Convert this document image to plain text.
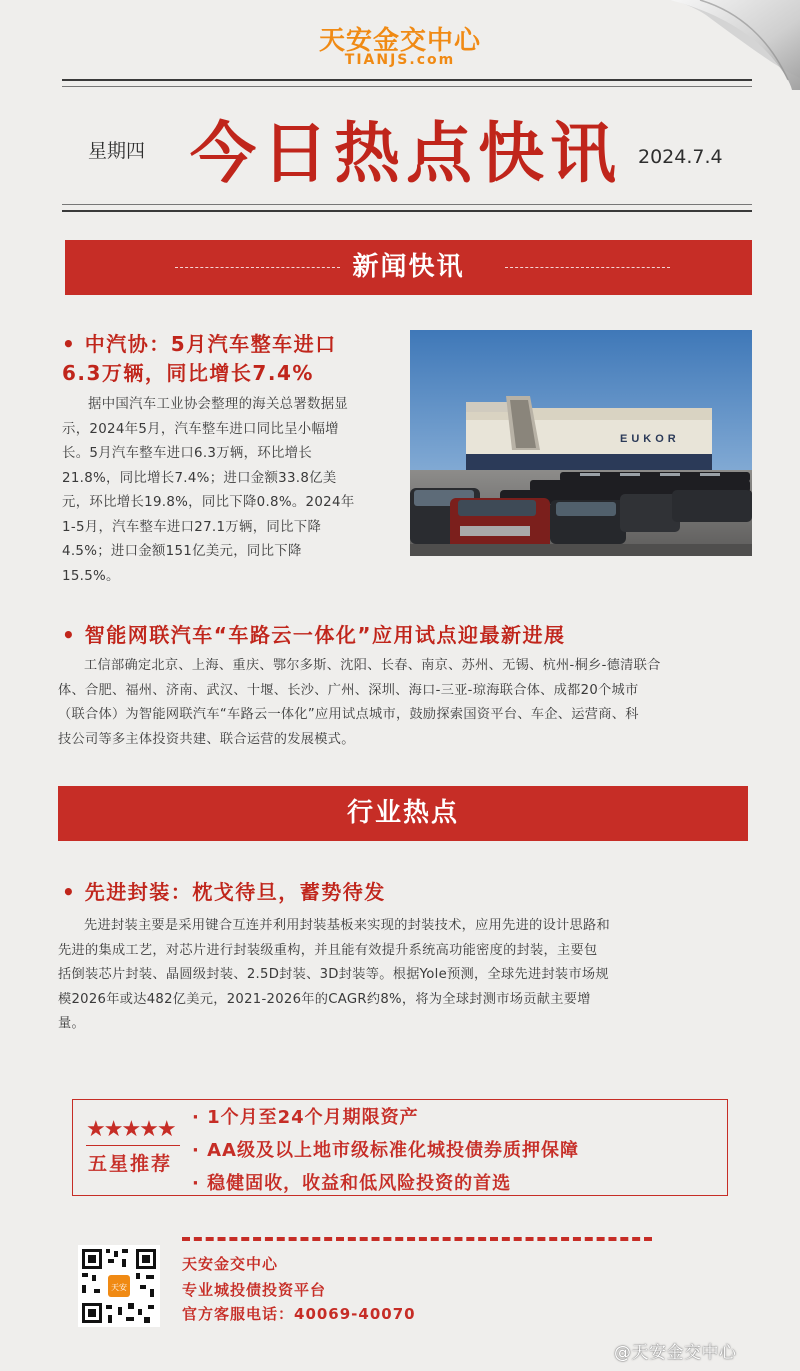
天安金交中心
TIANJS.com
星期四 今日热点快讯 2024.7.4
新闻快讯
• 中汽协：5月汽车整车进口
6.3万辆，同比增长7.4%
据中国汽车工业协会整理的海关总署数据显
示，2024年5月，汽车整车进口同比呈小幅增
长。5月汽车整车进口6.3万辆，环比增长
21.8%，同比增长7.4%；进口金额33.8亿美
元，环比增长19.8%，同比下降0.8%。2024年
1-5月，汽车整车进口27.1万辆，同比下降
4.5%；进口金额151亿美元，同比下降
15.5%。
EUKOR
• 智能网联汽车“车路云一体化”应用试点迎最新进展
工信部确定北京、上海、重庆、鄂尔多斯、沈阳、长春、南京、苏州、无锡、杭州-桐乡-德清联合
体、合肥、福州、济南、武汉、十堰、长沙、广州、深圳、海口-三亚-琼海联合体、成都20个城市
（联合体）为智能网联汽车“车路云一体化”应用试点城市，鼓励探索国资平台、车企、运营商、科
技公司等多主体投资共建、联合运营的发展模式。
行业热点
• 先进封装：枕戈待旦，蓄势待发
先进封装主要是采用键合互连并利用封装基板来实现的封装技术，应用先进的设计思路和
先进的集成工艺，对芯片进行封装级重构，并且能有效提升系统高功能密度的封装，主要包
括倒装芯片封装、晶圆级封装、2.5D封装、3D封装等。根据Yole预测，全球先进封装市场规
模2026年或达482亿美元，2021-2026年的CAGR约8%，将为全球封测市场贡献主要增
量。
★★★★★
五星推荐
· 1个月至24个月期限资产
· AA级及以上地市级标准化城投债券质押保障
· 稳健固收，收益和低风险投资的首选
天安
天安金交中心
专业城投债投资平台
官方客服电话：40069-40070
@天安金交中心
